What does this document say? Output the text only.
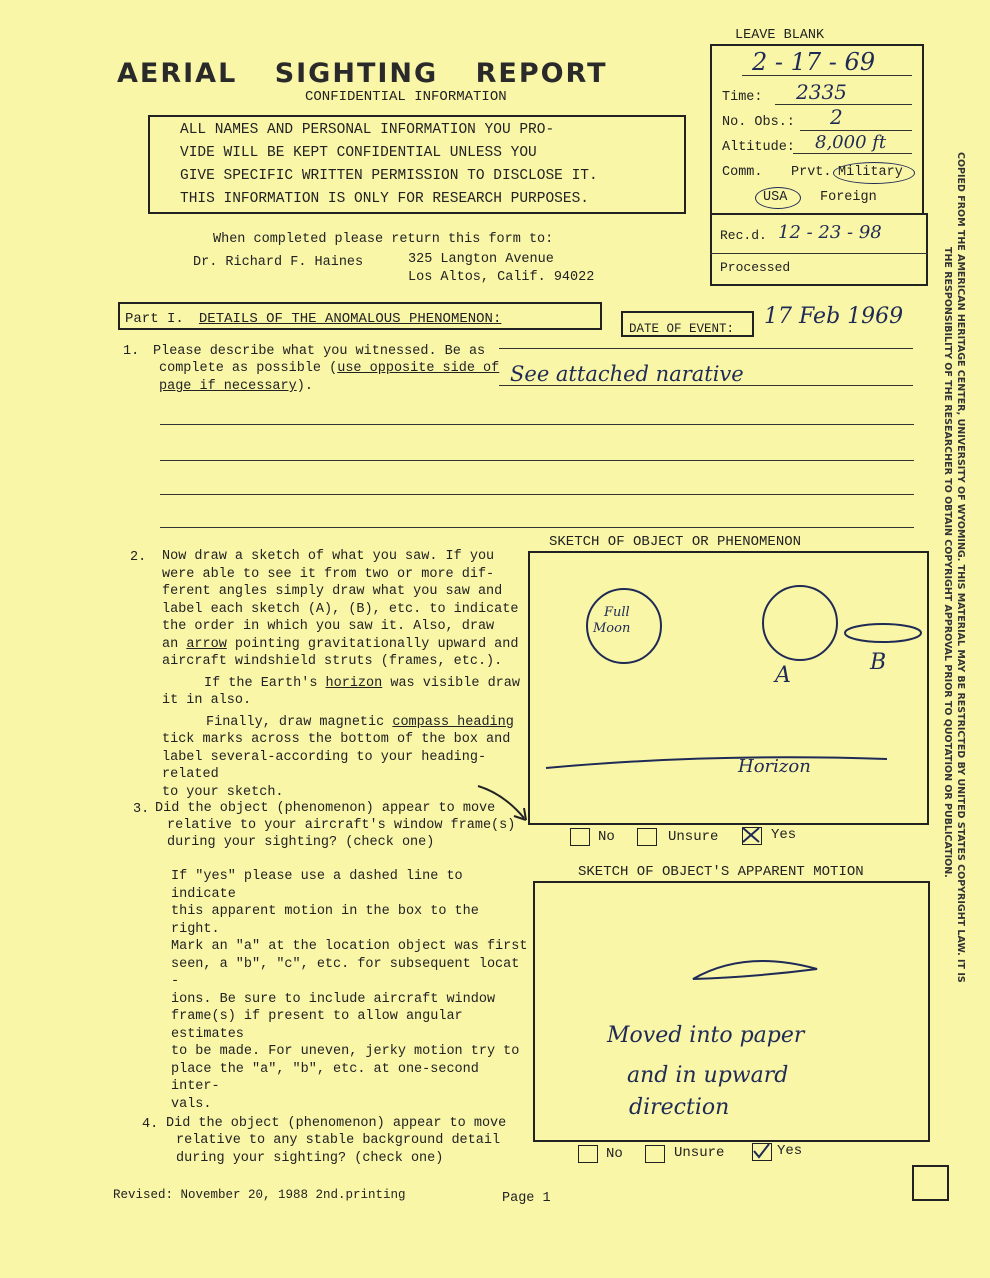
AERIAL SIGHTING REPORT
CONFIDENTIAL INFORMATION
ALL NAMES AND PERSONAL INFORMATION YOU PRO-
VIDE WILL BE KEPT CONFIDENTIAL UNLESS YOU
GIVE SPECIFIC WRITTEN PERMISSION TO DISCLOSE IT.
THIS INFORMATION IS ONLY FOR RESEARCH PURPOSES.
When completed please return this form to:
Dr. Richard F. Haines	325 Langton Avenue
Los Altos, Calif. 94022
LEAVE BLANK
2 - 17 - 69
Time: 2335
No. Obs.: 2
Altitude: 8,000 ft
Comm. Prvt. Military
USA Foreign
Rec.d. 12 - 23 - 98
Processed
Part I. DETAILS OF THE ANOMALOUS PHENOMENON:
DATE OF EVENT:	17 Feb 1969
1. Please describe what you witnessed. Be as
complete as possible (use opposite side of
page if necessary).
See attached narative
2. Now draw a sketch of what you saw. If you
were able to see it from two or more dif-
ferent angles simply draw what you saw and
label each sketch (A), (B), etc. to indicate
the order in which you saw it. Also, draw
an arrow pointing gravitationally upward and
aircraft windshield struts (frames, etc.).
If the Earth's horizon was visible draw
it in also.
Finally, draw magnetic compass heading
tick marks across the bottom of the box and
label several-according to your heading-related
to your sketch.
SKETCH OF OBJECT OR PHENOMENON
Full
Moon
A
B
Horizon
3. Did the object (phenomenon) appear to move
relative to your aircraft's window frame(s)
during your sighting? (check one)	No	Unsure	Yes
If "yes" please use a dashed line to indicate
this apparent motion in the box to the right.
Mark an "a" at the location object was first
seen, a "b", "c", etc. for subsequent locat -
ions. Be sure to include aircraft window
frame(s) if present to allow angular estimates
to be made. For uneven, jerky motion try to
place the "a", "b", etc. at one-second inter-
vals.
SKETCH OF OBJECT'S APPARENT MOTION
Moved into paper
and in upward
direction
4. Did the object (phenomenon) appear to move
relative to any stable background detail
during your sighting? (check one)	No	Unsure	Yes
Revised: November 20, 1988 2nd.printing	Page 1
COPIED FROM THE AMERICAN HERITAGE CENTER, UNIVERSITY OF WYOMING. THIS MATERIAL MAY BE RESTRICTED BY UNITED STATES COPYRIGHT LAW. IT IS
THE RESPONSIBILITY OF THE RESEARCHER TO OBTAIN COPYRIGHT APPROVAL PRIOR TO QUOTATION OR PUBLICATION.
